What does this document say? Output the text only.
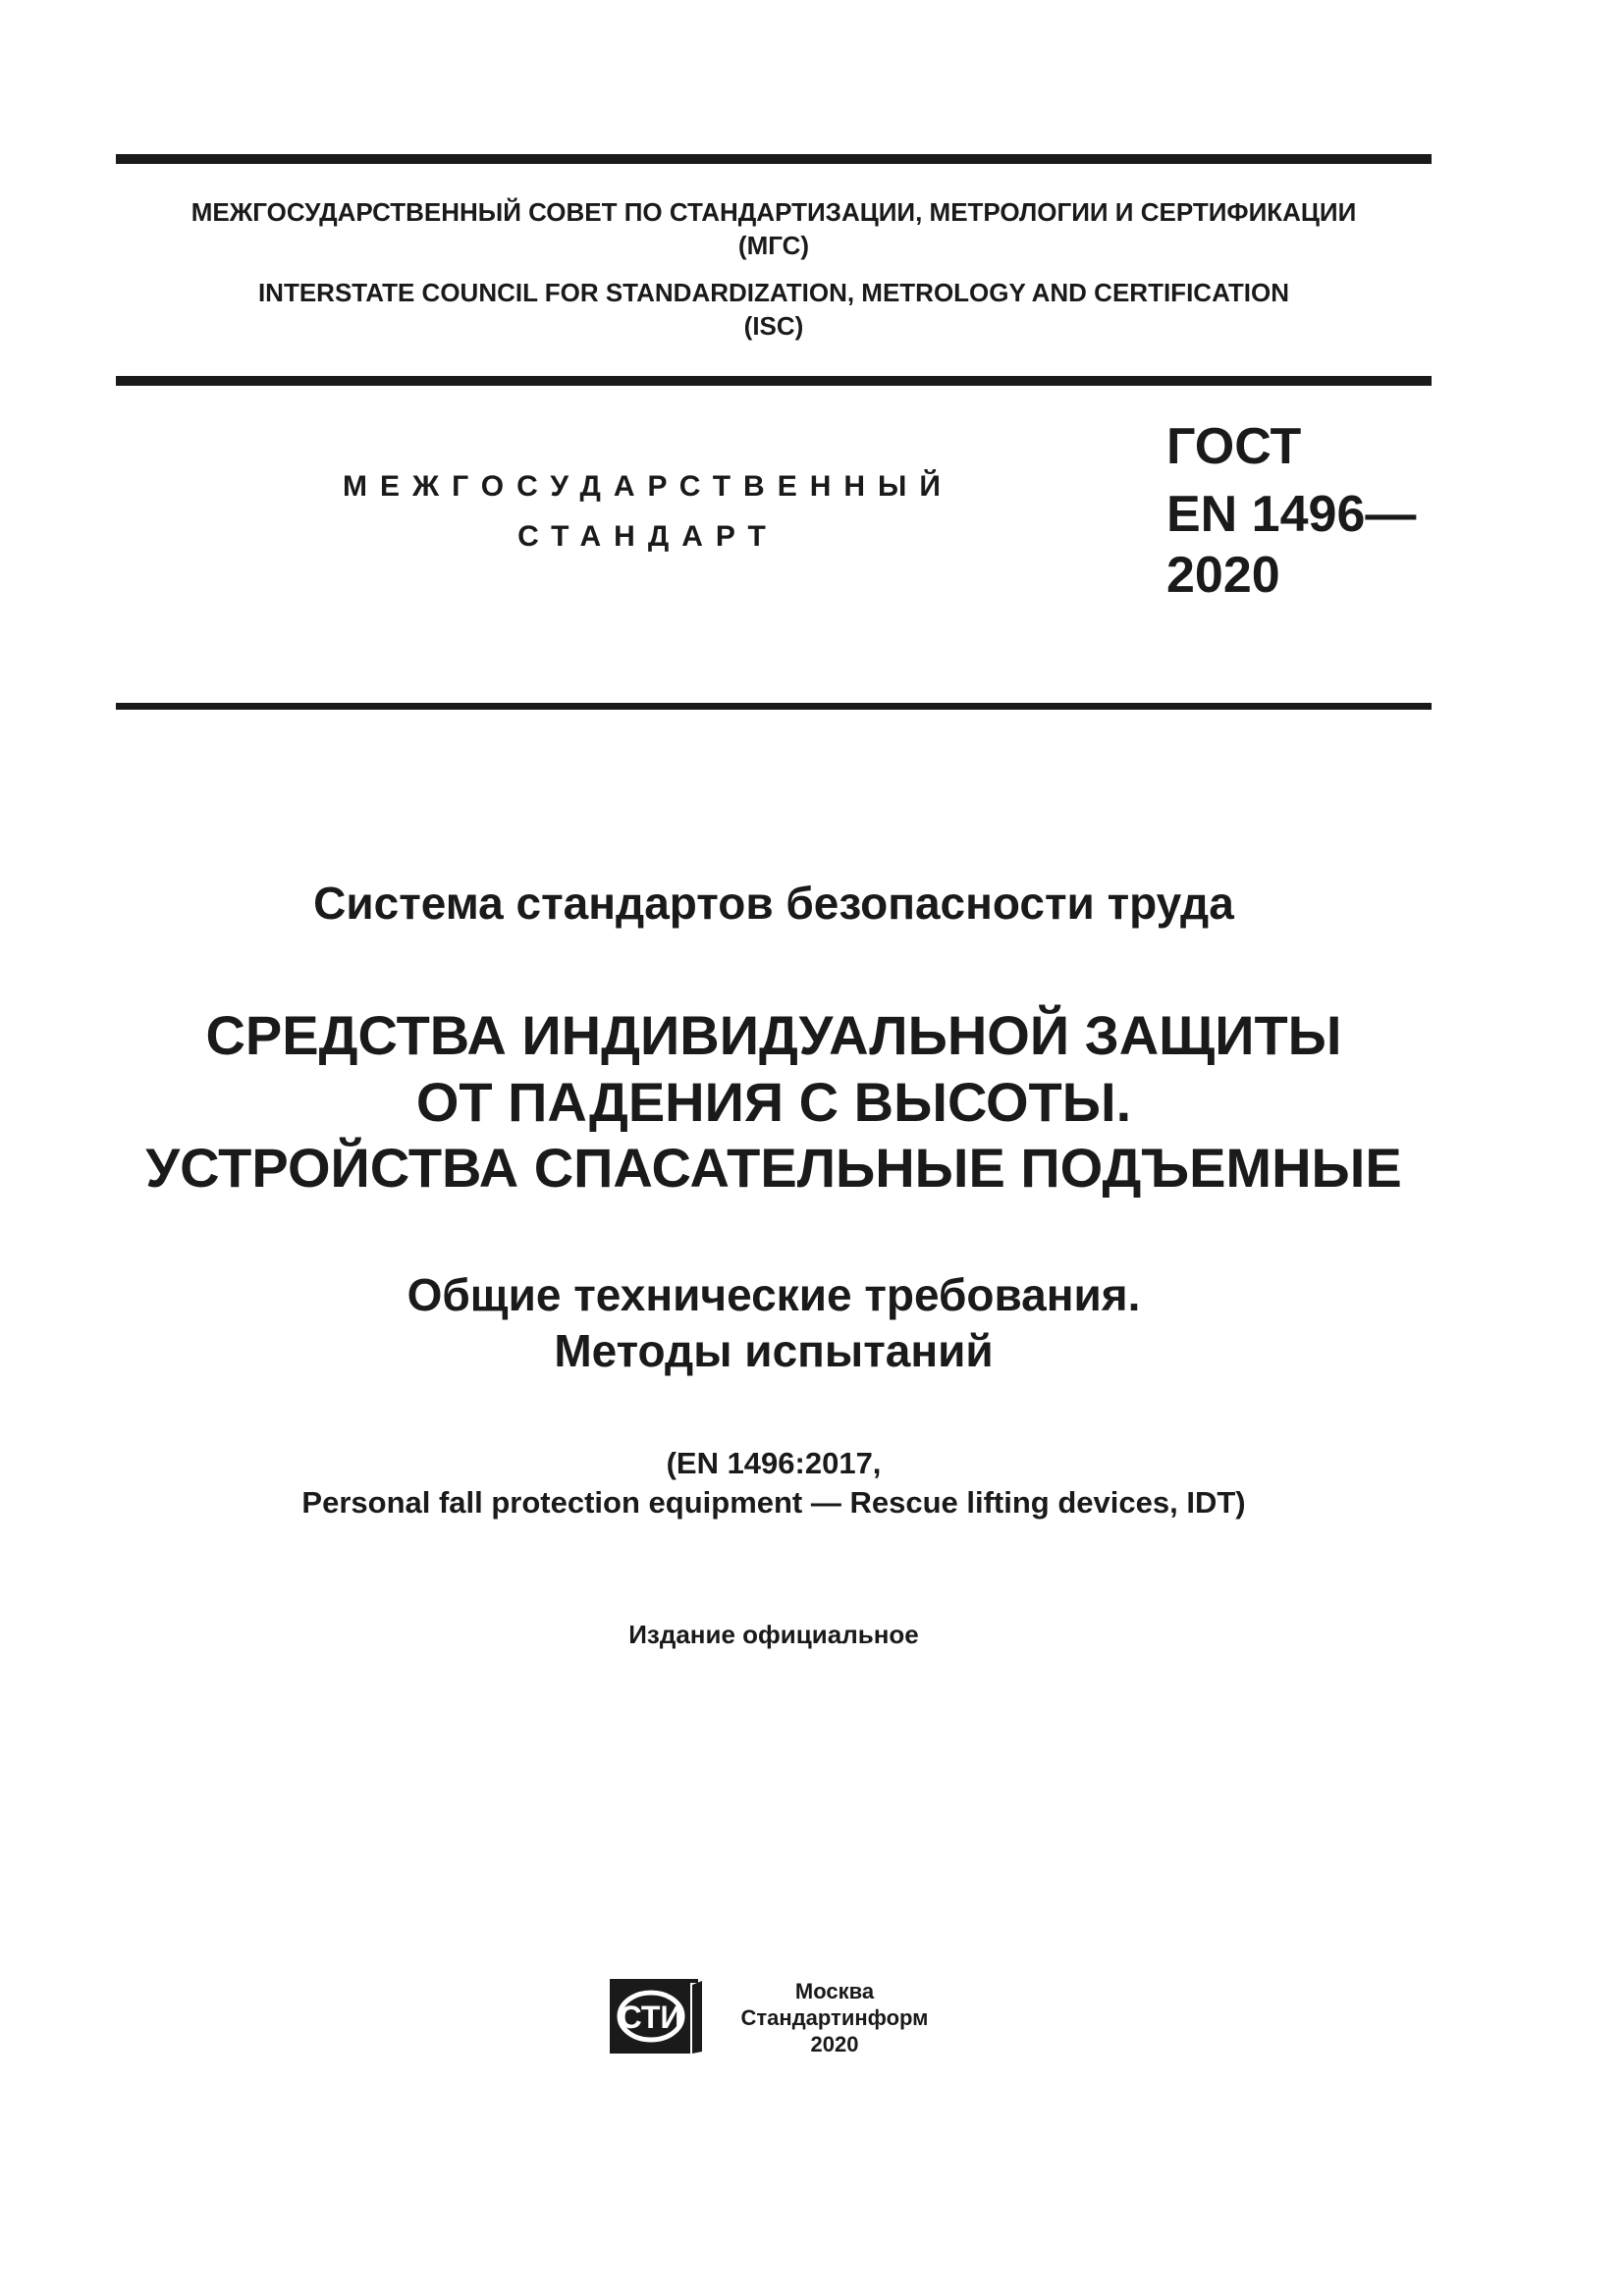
МЕЖГОСУДАРСТВЕННЫЙ СОВЕТ ПО СТАНДАРТИЗАЦИИ, МЕТРОЛОГИИ И СЕРТИФИКАЦИИ
(МГС)
INTERSTATE COUNCIL FOR STANDARDIZATION, METROLOGY AND CERTIFICATION
(ISC)
МЕЖГОСУДАРСТВЕННЫЙ
СТАНДАРТ
ГОСТ
EN 1496—
2020
Система стандартов безопасности труда
СРЕДСТВА ИНДИВИДУАЛЬНОЙ ЗАЩИТЫ
ОТ ПАДЕНИЯ С ВЫСОТЫ.
УСТРОЙСТВА СПАСАТЕЛЬНЫЕ ПОДЪЕМНЫЕ
Общие технические требования.
Методы испытаний
(EN 1496:2017,
Personal fall protection equipment — Rescue lifting devices, IDT)
Издание официальное
СТИ
Москва
Стандартинформ
2020
